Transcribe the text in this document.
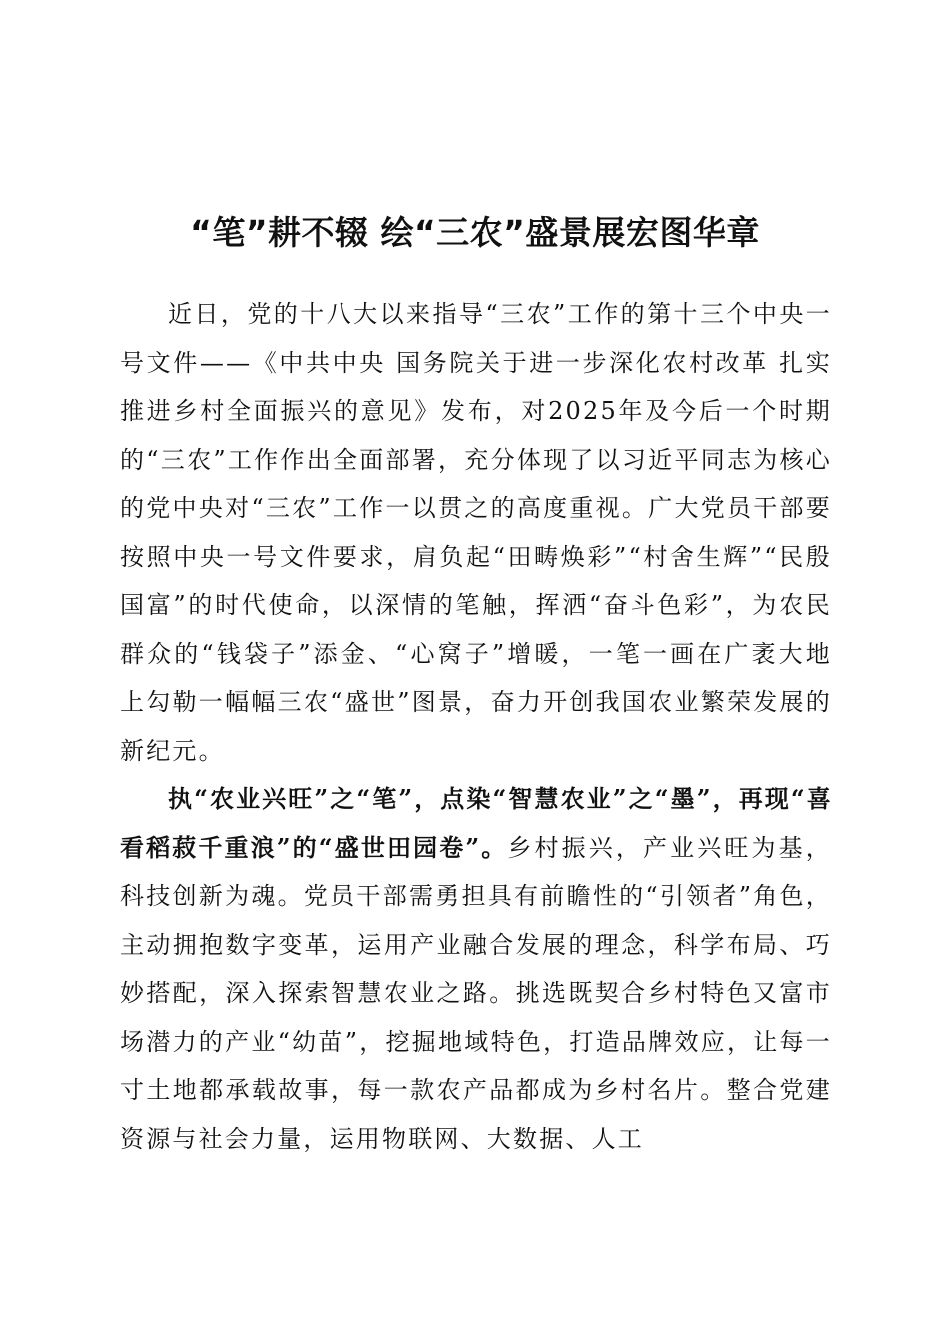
“笔”耕不辍 绘“三农”盛景展宏图华章

近日，党的十八大以来指导“三农”工作的第十三个中央一号文件——《中共中央 国务院关于进一步深化农村改革 扎实推进乡村全面振兴的意见》发布，对2025年及今后一个时期的“三农”工作作出全面部署，充分体现了以习近平同志为核心的党中央对“三农”工作一以贯之的高度重视。广大党员干部要按照中央一号文件要求，肩负起“田畴焕彩”“村舍生辉”“民殷国富”的时代使命，以深情的笔触，挥洒“奋斗色彩”，为农民群众的“钱袋子”添金、“心窝子”增暖，一笔一画在广袤大地上勾勒一幅幅三农“盛世”图景，奋力开创我国农业繁荣发展的新纪元。

执“农业兴旺”之“笔”，点染“智慧农业”之“墨”，再现“喜看稻菽千重浪”的“盛世田园卷”。乡村振兴，产业兴旺为基，科技创新为魂。党员干部需勇担具有前瞻性的“引领者”角色，主动拥抱数字变革，运用产业融合发展的理念，科学布局、巧妙搭配，深入探索智慧农业之路。挑选既契合乡村特色又富市场潜力的产业“幼苗”，挖掘地域特色，打造品牌效应，让每一寸土地都承载故事，每一款农产品都成为乡村名片。整合党建资源与社会力量，运用物联网、大数据、人工
